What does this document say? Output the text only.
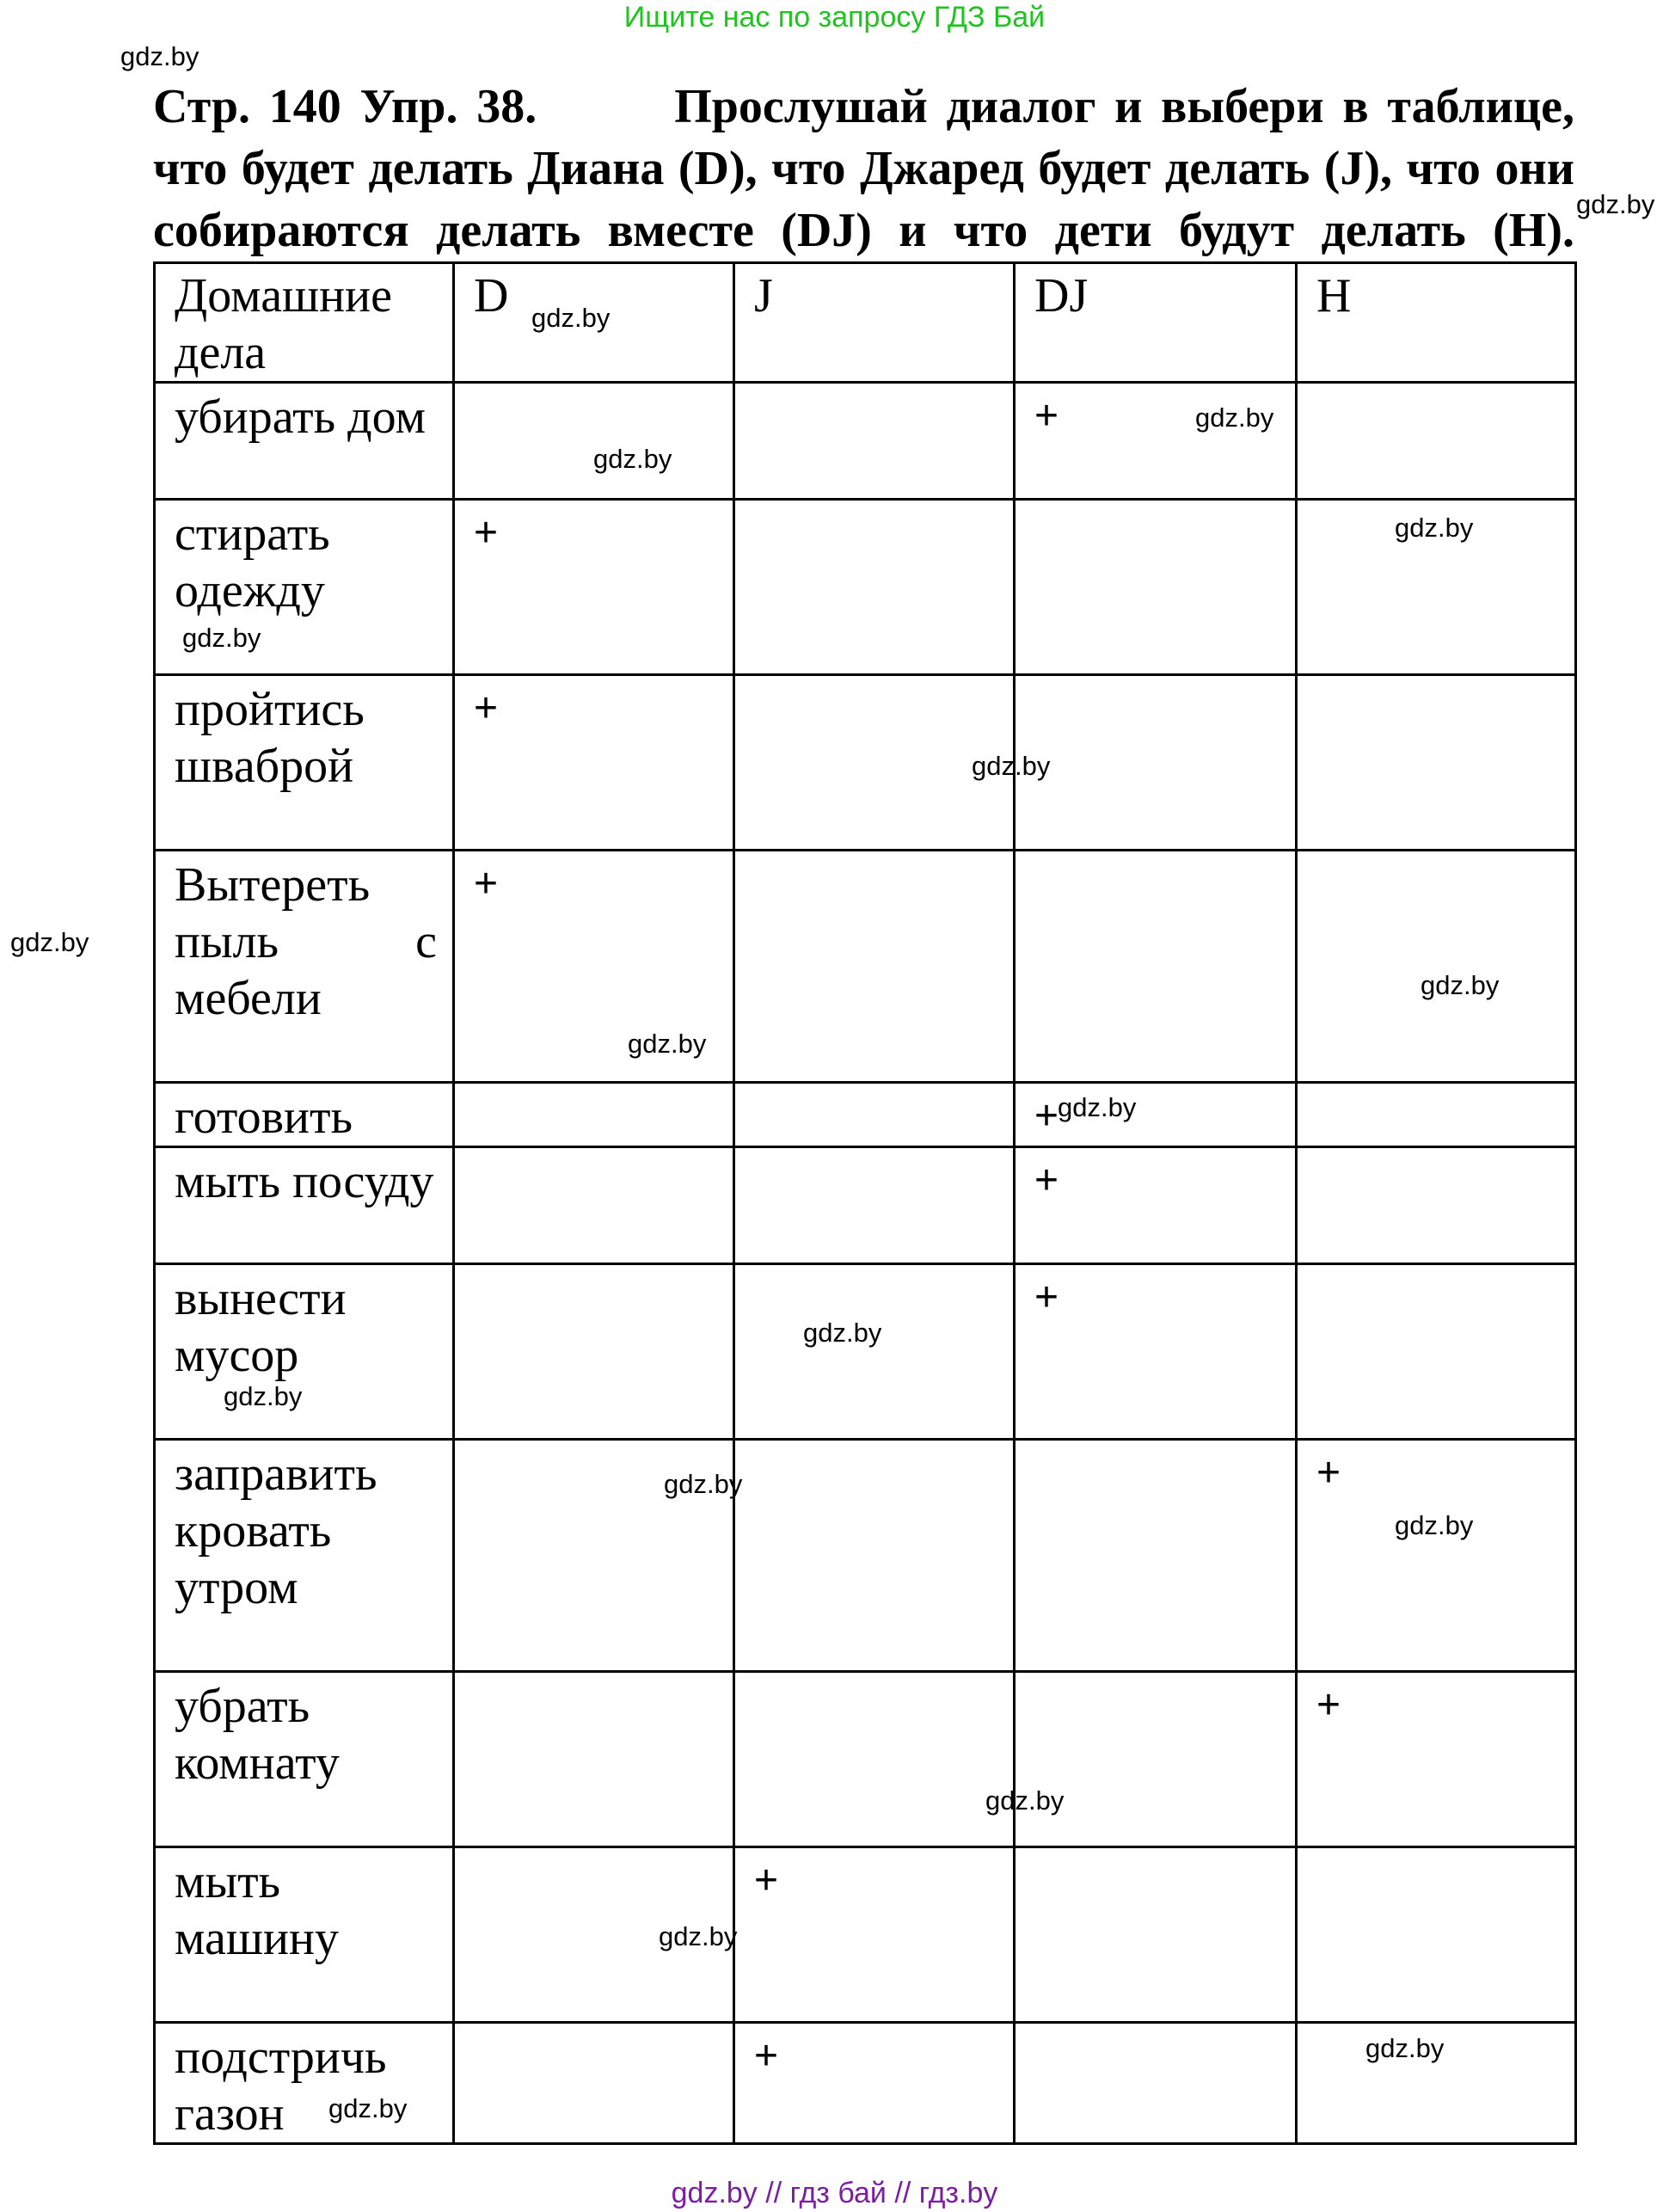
Ищите нас по запросу ГДЗ Бай
Стр. 140 Упр. 38.	Прослушай диалог и выбери в таблице, что будет делать Диана (D), что Джаред будет делать (J), что они собираются делать вместе (DJ) и что дети будут делать (H).
Домашние дела	D	J	DJ	H
убирать дом			+	
стирать одежду	+			
пройтись шваброй	+			

Вытереть пыль с мебели	+			
готовить			+	
мыть посуду			+	
вынести мусор			+	
заправить кровать утром				+
убрать комнату				+
мыть машину		+		
подстричь газон		+		
gdz.by
gdz.by
gdz.by
gdz.by
gdz.by
gdz.by
gdz.by
gdz.by
gdz.by
gdz.by
gdz.by
gdz.by
gdz.by
gdz.by
gdz.by
gdz.by
gdz.by
gdz.by
gdz.by
gdz.by
gdz.by // гдз бай // гдз.by
